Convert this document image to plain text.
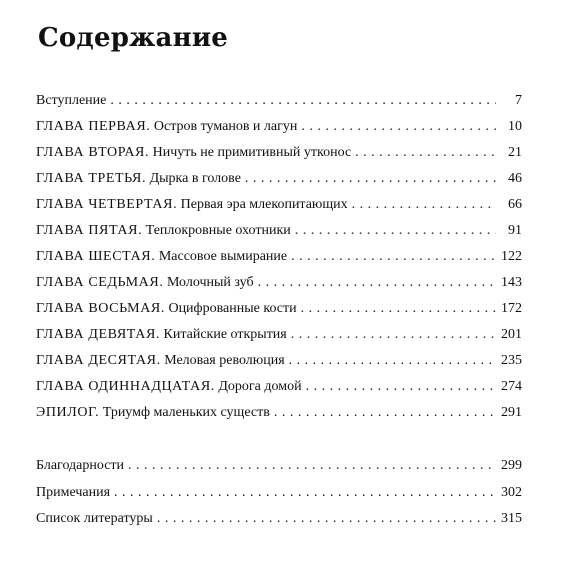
Содержание
Вступление . . .	7
ГЛАВА ПЕРВАЯ. Остров туманов и лагун . . .	10
ГЛАВА ВТОРАЯ. Ничуть не примитивный утконос . . .	21
ГЛАВА ТРЕТЬЯ. Дырка в голове . . .	46
ГЛАВА ЧЕТВЕРТАЯ. Первая эра млекопитающих . . .	66
ГЛАВА ПЯТАЯ. Теплокровные охотники . . .	91
ГЛАВА ШЕСТАЯ. Массовое вымирание . . .	122
ГЛАВА СЕДЬМАЯ. Молочный зуб . . .	143
ГЛАВА ВОСЬМАЯ. Оцифрованные кости . . .	172
ГЛАВА ДЕВЯТАЯ. Китайские открытия . . .	201
ГЛАВА ДЕСЯТАЯ. Меловая революция . . .	235
ГЛАВА ОДИННАДЦАТАЯ. Дорога домой . . .	274
ЭПИЛОГ. Триумф маленьких существ . . .	291
Благодарности . . .	299
Примечания . . .	302
Список литературы . . .	315
